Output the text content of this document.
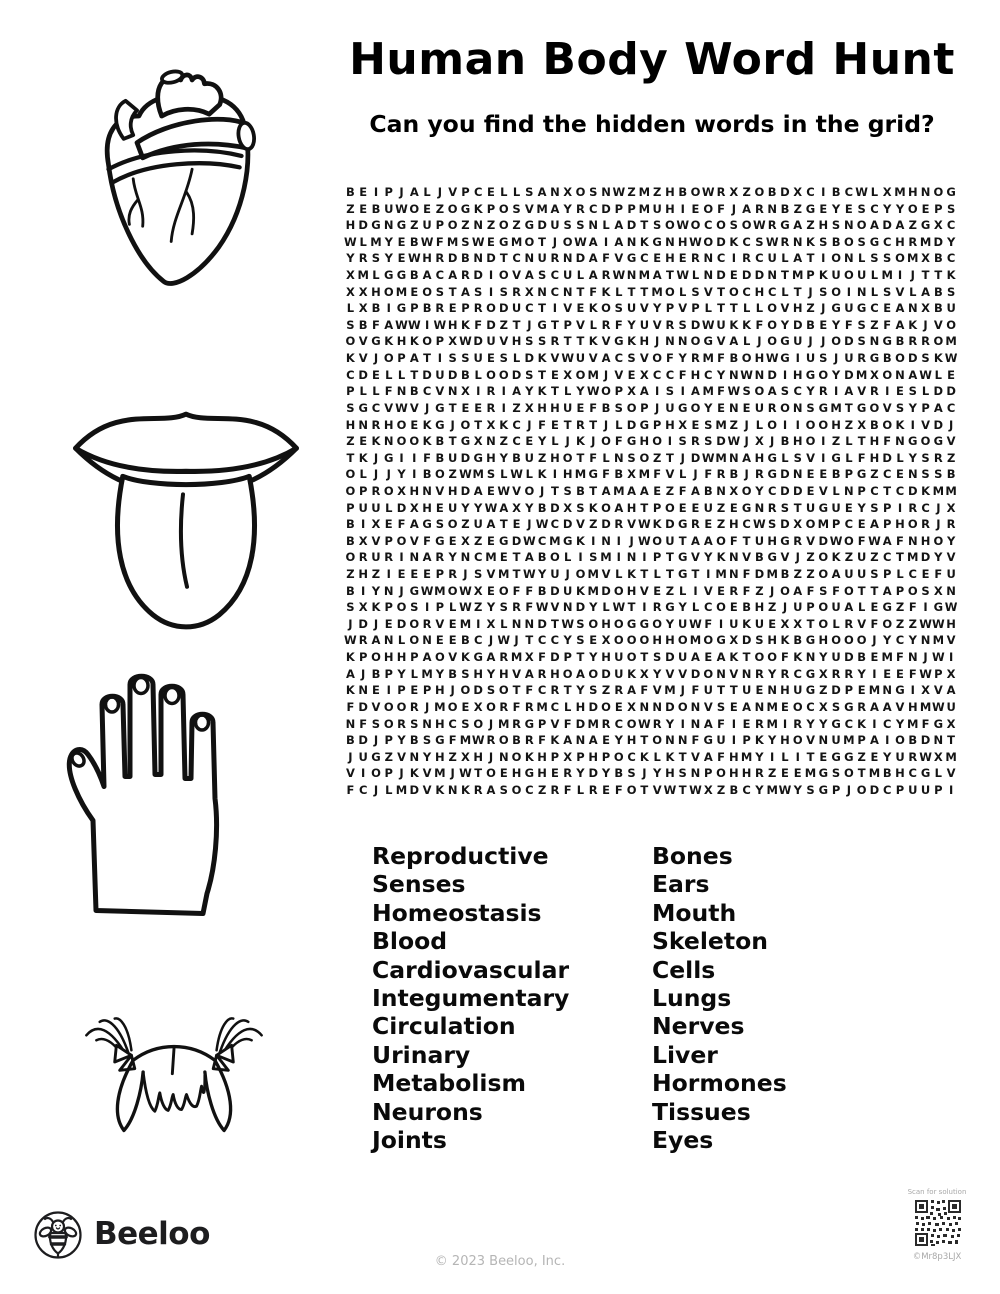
Human Body Word Hunt
Can you find the hidden words in the grid?
B E I P J A L J V P C E L L S A N X O S N W Z M Z H B O W R X Z O B D X C I B C W L X M H N O G
Z E B U W O E Z O G K P O S V M A Y R C D P P M U H I E O F J A R N B Z G E Y E S C Y Y O E P S
H D G N G Z U P O Z N Z O Z G D U S S N L A D T S O W O C O S O W R G A Z H S N O A D A Z G X C
W L M Y E B W F M S W E G M O T J O W A I A N K G N H W O D K C S W R N K S B O S G C H R M D Y
Y R S Y E W H R D B N D T C N U R N D A F V G C E H E R N C I R C U L A T I O N L S S O M X B C
X M L G G B A C A R D I O V A S C U L A R W N M A T W L N D E D D N T M P K U O U L M I J T T K
X X H O M E O S T A S I S R X N C N T F K L T T M O L S V T O C H C L T J S O I N L S V L A B S
L X B I G P B R E P R O D U C T I V E K O S U V Y P V P L T T L L O V H Z J G U G C E A N X B U
S B F A W W I W H K F D Z T J G T P V L R F Y U V R S D W U K K F O Y D B E Y F S Z F A K J V O
O V G K H K O P X W D U V H S S R T T K V G K H J N N O G V A L J O G U J J O D S N G B R R O M
K V J O P A T I S S U E S L D K V W U V A C S V O F Y R M F B O H W G I U S J U R G B O D S K W
C D E L L T D U D B L O O D S T E X O M J V E X C C F H C Y N W N D I H G O Y D M X O N A W L E
P L L F N B C V N X I R I A Y K T L Y W O P X A I S I A M F W S O A S C Y R I A V R I E S L D D
S G C V W V J G T E E R I Z X H H U E F B S O P J U G O Y E N E U R O N S G M T G O V S Y P A C
H N R H O E K G J O T X K C J F E T R T J L D G P H X E S M Z J L O I I O O H Z X B O K I V D J
Z E K N O O K B T G X N Z C E Y L J K J O F G H O I S R S D W J X J B H O I Z L T H F N G O G V
T K J G I I F B U D G H Y B U Z H O T F L N S O Z T J D W M N A H G L S V I G L F H D L Y S R Z
O L J J Y I B O Z W M S L W L K I H M G F B X M F V L J F R B J R G D N E E B P G Z C E N S S B
O P R O X H N V H D A E W V O J T S B T A M A A E Z F A B N X O Y C D D E V L N P C T C D K M M
P U U L D X H E U Y Y W A X Y B D X S K O A H T P O E E U Z E G N R S T U G U E Y S P I R C J X
B I X E F A G S O Z U A T E J W C D V Z D R V W K D G R E Z H C W S D X O M P C E A P H O R J R
B X V P O V F G E X Z E G D W C M G K I N I J W O U T A A O F T U H G R V D W O F W A F N H O Y
O R U R I N A R Y N C M E T A B O L I S M I N I P T G V Y K N V B G V J Z O K Z U Z C T M D Y V
Z H Z I E E E P R J S V M T W Y U J O M V L K T L T G T I M N F D M B Z Z O A U U S P L C E F U
B I Y N J G W M O W X E O F F B D U K M D O H V E Z L I V E R F Z J O A F S F O T T A P O S X N
S X K P O S I P L W Z Y S R F W V N D Y L W T I R G Y L C O E B H Z J U P O U A L E G Z F I G W
J D J E D O R V E M I X L N N D T W S O H O G G O Y U W F I U K U E X X T O L R V F O Z Z W W H
W R A N L O N E E B C J W J T C C Y S E X O O O H H O M O G X D S H K B G H O O O J Y C Y N M V
K P O H H P A O V K G A R M X F D P T Y H U O T S D U A E A K T O O F K N Y U D B E M F N J W I
A J B P Y L M Y B S H Y H V A R H O A O D U K X Y V V D O N V N R Y R C G X R R Y I E E F W P X
K N E I P E P H J O D S O T F C R T Y S Z R A F V M J F U T T U E N H U G Z D P E M N G I X V A
F D V O O R J M O E X O R F R M C L H D O E X N N D O N V S E A N M E O C X S G R A A V H M W U
N F S O R S N H C S O J M R G P V F D M R C O W R Y I N A F I E R M I R Y Y G C K I C Y M F G X
B D J P Y B S G F M W R O B R F K A N A E Y H T O N N F G U I P K Y H O V N U M P A I O B D N T
J U G Z V N Y H Z X H J N O K H P X P H P O C K L K T V A F H M Y I L I T E G G Z E Y U R W X M
V I O P J K V M J W T O E H G H E R Y D Y B S J Y H S N P O H H R Z E E M G S O T M B H C G L V
F C J L M D V K N K R A S O C Z R F L R E F O T V W T W X Z B C Y M W Y S G P J O D C P U U P I
Reproductive
Senses
Homeostasis
Blood
Cardiovascular
Integumentary
Circulation
Urinary
Metabolism
Neurons
Joints
Bones
Ears
Mouth
Skeleton
Cells
Lungs
Nerves
Liver
Hormones
Tissues
Eyes
Beeloo
© 2023 Beeloo, Inc.
Scan for solution
©Mr8p3LJX
